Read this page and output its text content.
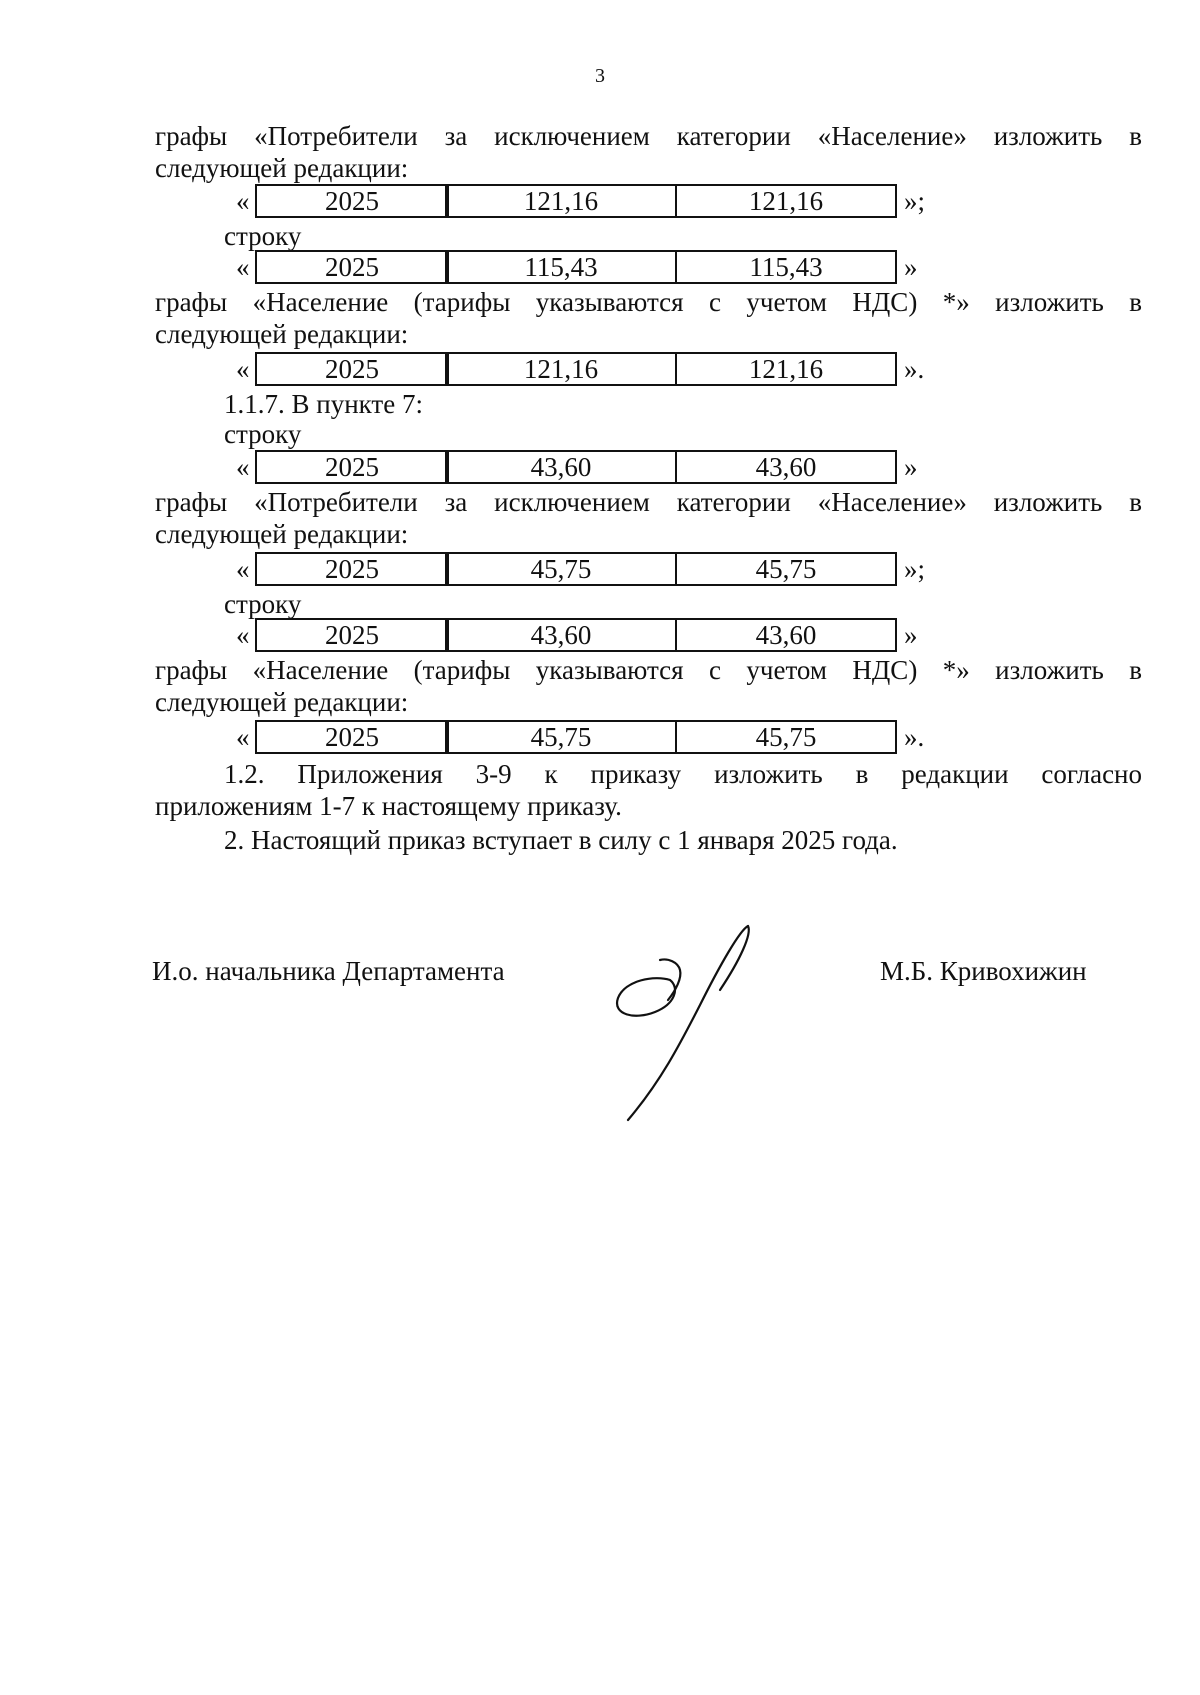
3
графы «Потребители за исключением категории «Население» изложить в
следующей редакции:
«	2025	121,16	121,16	»;
строку
«	2025	115,43	115,43	»
графы «Население (тарифы указываются с учетом НДС) *» изложить в
следующей редакции:
«	2025	121,16	121,16	».
1.1.7. В пункте 7:
строку
«	2025	43,60	43,60	»
графы «Потребители за исключением категории «Население» изложить в
следующей редакции:
«	2025	45,75	45,75	»;
строку
«	2025	43,60	43,60	»
графы «Население (тарифы указываются с учетом НДС) *» изложить в
следующей редакции:
«	2025	45,75	45,75	».
1.2. Приложения 3-9 к приказу изложить в редакции согласно
приложениям 1-7 к настоящему приказу.
2. Настоящий приказ вступает в силу с 1 января 2025 года.
И.о. начальника Департамента	М.Б. Кривохижин
